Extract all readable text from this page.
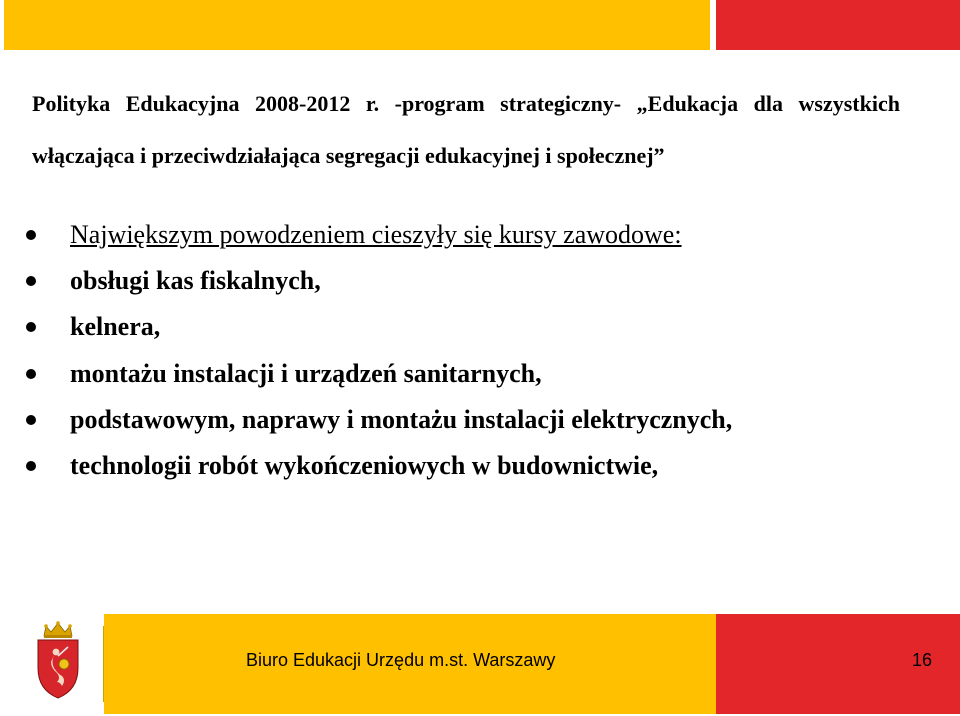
Polityka Edukacyjna 2008-2012 r. -program strategiczny- „Edukacja dla wszystkich włączająca i przeciwdziałająca segregacji edukacyjnej i społecznej”
Największym powodzeniem cieszyły się kursy zawodowe:
obsługi kas fiskalnych,
kelnera,
montażu instalacji i urządzeń sanitarnych,
podstawowym, naprawy i montażu instalacji elektrycznych,
technologii robót wykończeniowych w budownictwie,
Biuro Edukacji Urzędu m.st. Warszawy	16
